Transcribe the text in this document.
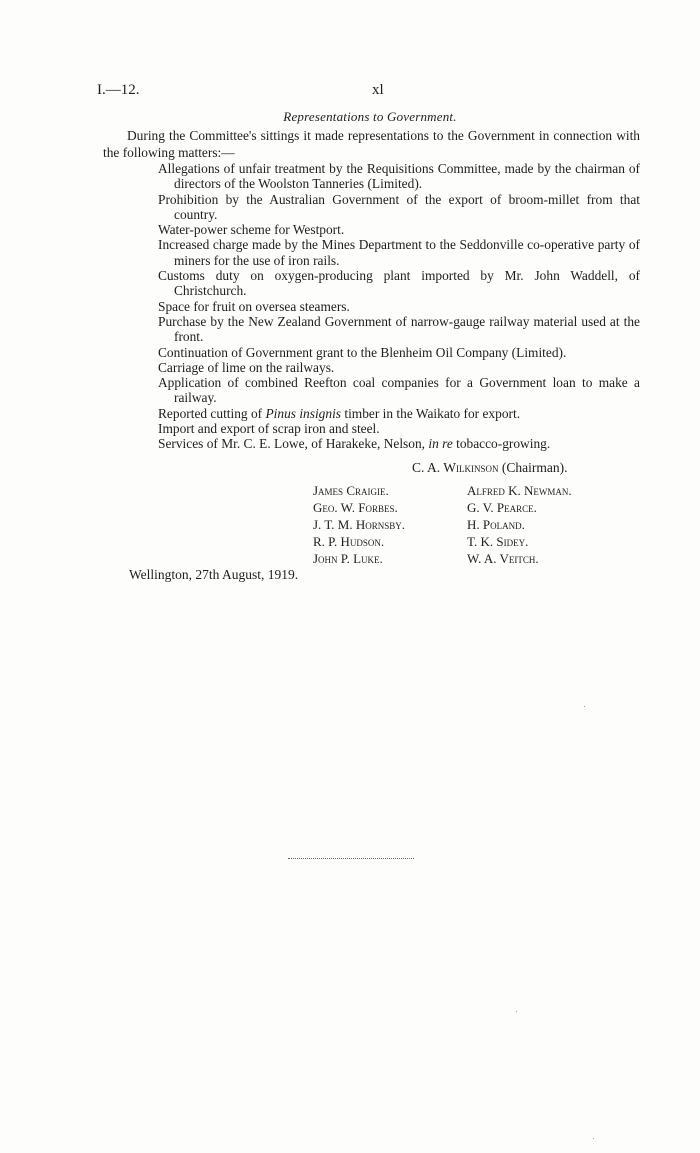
I.—12.	xl
Representations to Government.

During the Committee's sittings it made representations to the Government in connection with the following matters:—

Allegations of unfair treatment by the Requisitions Committee, made by the chairman of directors of the Woolston Tanneries (Limited).
Prohibition by the Australian Government of the export of broom-millet from that country.
Water-power scheme for Westport.
Increased charge made by the Mines Department to the Seddonville co-operative party of miners for the use of iron rails.
Customs duty on oxygen-producing plant imported by Mr. John Waddell, of Christchurch.
Space for fruit on oversea steamers.
Purchase by the New Zealand Government of narrow-gauge railway material used at the front.
Continuation of Government grant to the Blenheim Oil Company (Limited).
Carriage of lime on the railways.
Application of combined Reefton coal companies for a Government loan to make a railway.
Reported cutting of Pinus insignis timber in the Waikato for export.
Import and export of scrap iron and steel.
Services of Mr. C. E. Lowe, of Harakeke, Nelson, in re tobacco-growing.
C. A. Wilkinson (Chairman).
James Craigie.
Geo. W. Forbes.
J. T. M. Hornsby.
R. P. Hudson.
John P. Luke.
Alfred K. Newman.
G. V. Pearce.
H. Poland.
T. K. Sidey.
W. A. Veitch.
Wellington, 27th August, 1919.
